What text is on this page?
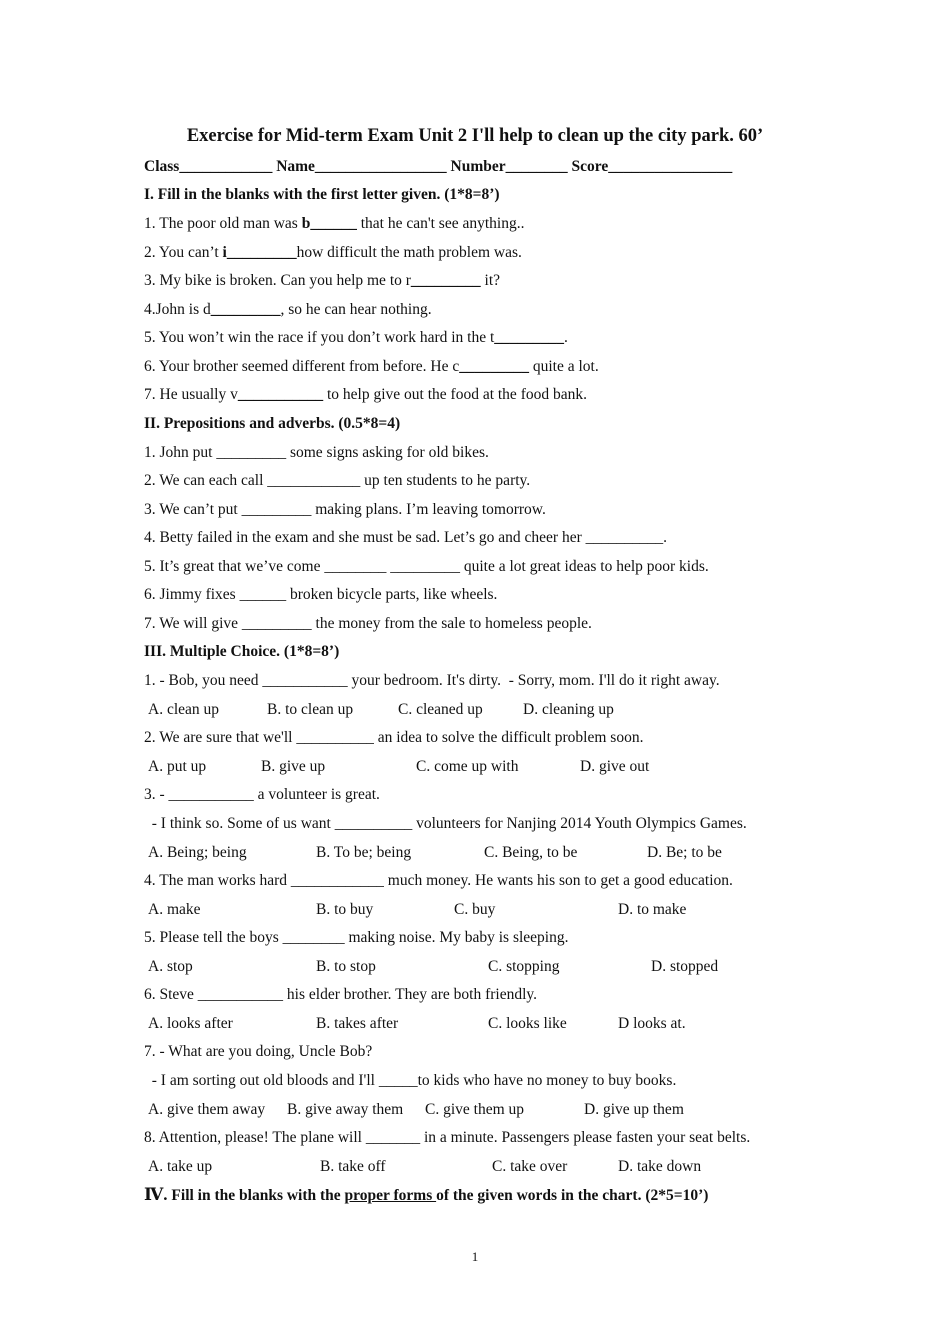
Exercise for Mid-term Exam Unit 2 I'll help to clean up the city park. 60’
Class____________ Name_________________ Number________ Score________________
I. Fill in the blanks with the first letter given. (1*8=8’)
1. The poor old man was b______ that he can't see anything..
2. You can’t i_________how difficult the math problem was.
3. My bike is broken. Can you help me to r_________ it?
4.John is d_________, so he can hear nothing.
5. You won’t win the race if you don’t work hard in the t_________.
6. Your brother seemed different from before. He c_________ quite a lot.
7. He usually v___________ to help give out the food at the food bank.
II. Prepositions and adverbs. (0.5*8=4)
1. John put _________ some signs asking for old bikes.
2. We can each call ____________ up ten students to he party.
3. We can’t put _________ making plans. I’m leaving tomorrow.
4. Betty failed in the exam and she must be sad. Let’s go and cheer her __________.
5. It’s great that we’ve come ________ _________ quite a lot great ideas to help poor kids.
6. Jimmy fixes ______ broken bicycle parts, like wheels.
7. We will give _________ the money from the sale to homeless people.
III. Multiple Choice. (1*8=8’)
1. - Bob, you need ___________ your bedroom. It's dirty.  - Sorry, mom. I'll do it right away.
A. clean up	B. to clean up	C. cleaned up	D. cleaning up
2. We are sure that we'll __________ an idea to solve the difficult problem soon.
A. put up	B. give up	C. come up with	D. give out
3. - ___________ a volunteer is great.
- I think so. Some of us want __________ volunteers for Nanjing 2014 Youth Olympics Games.
A. Being; being	B. To be; being	C. Being, to be	D. Be; to be
4. The man works hard ____________ much money. He wants his son to get a good education.
A. make	B. to buy	C. buy	D. to make
5. Please tell the boys ________ making noise. My baby is sleeping.
A. stop	B. to stop	C. stopping	D. stopped
6. Steve ___________ his elder brother. They are both friendly.
A. looks after	B. takes after	C. looks like	D looks at.
7. - What are you doing, Uncle Bob?
- I am sorting out old bloods and I'll _____to kids who have no money to buy books.
A. give them away B. give away them C. give them up	D. give up them
8. Attention, please! The plane will _______ in a minute. Passengers please fasten your seat belts.
A. take up	B. take off	C. take over	D. take down
Ⅳ. Fill in the blanks with the proper forms of the given words in the chart. (2*5=10’)
1
